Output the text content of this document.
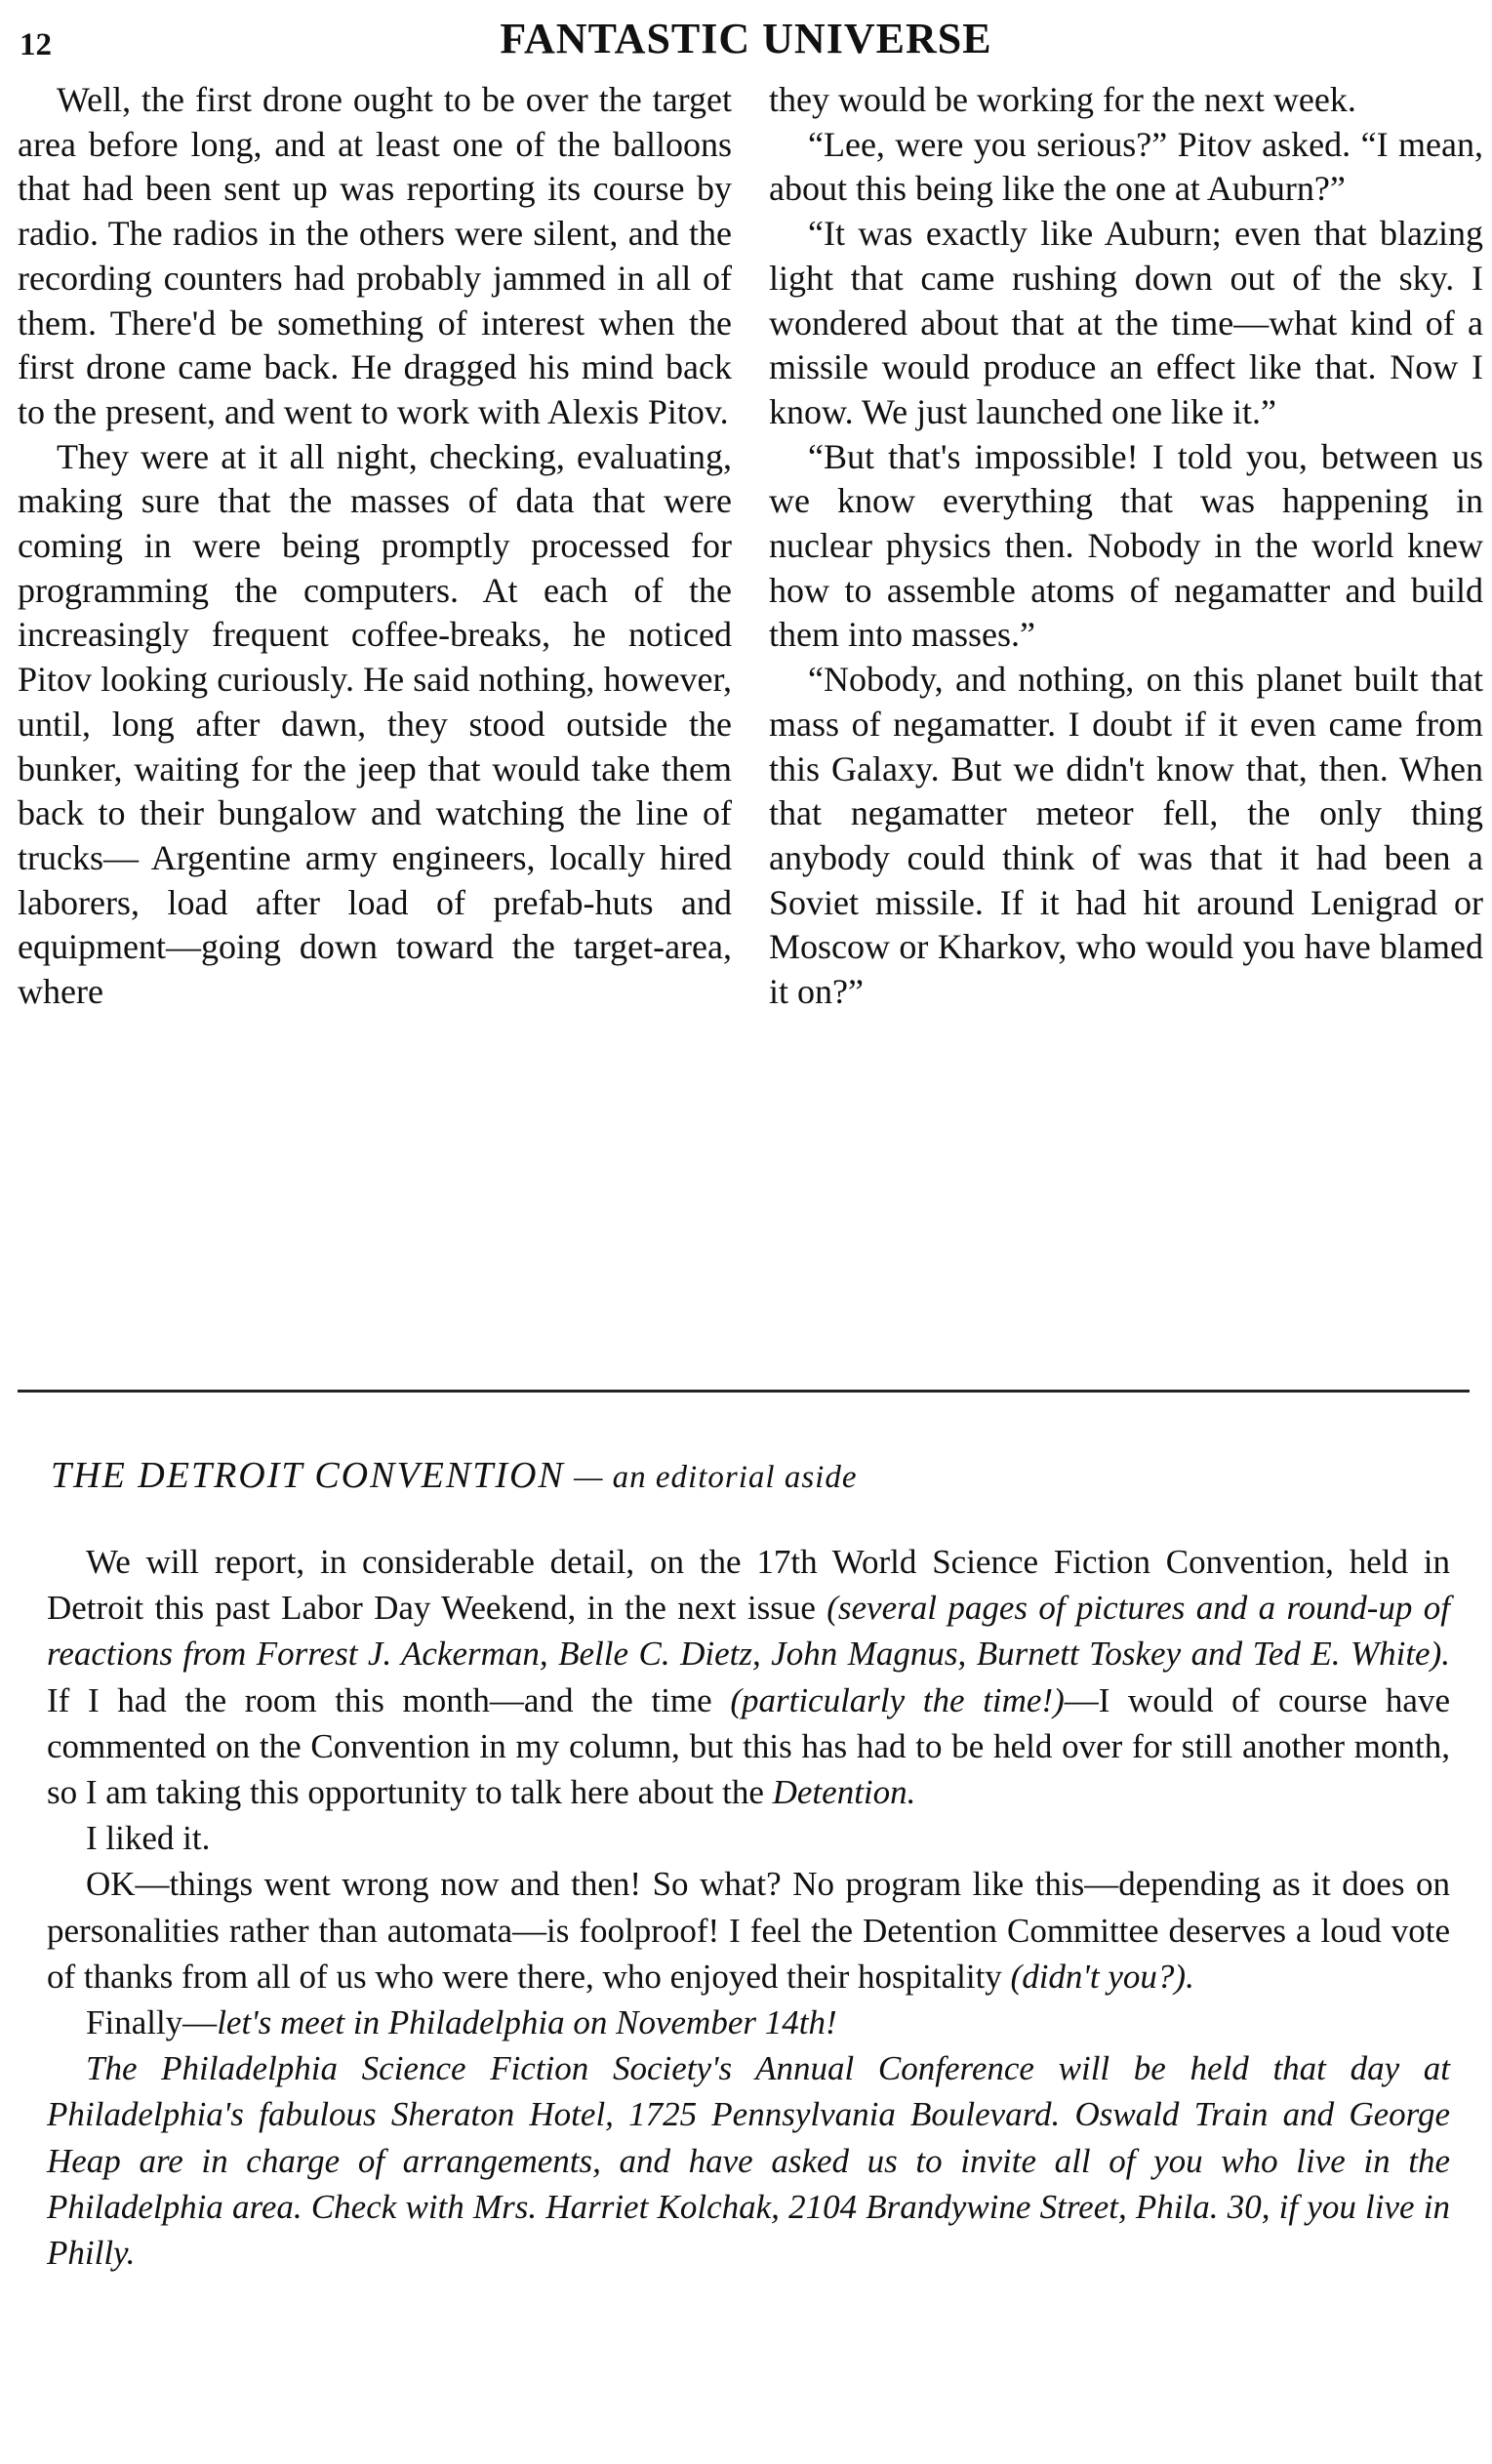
12	FANTASTIC UNIVERSE

Well, the first drone ought to be over the target area before long, and at least one of the balloons that had been sent up was reporting its course by radio. The radios in the others were silent, and the recording counters had probably jammed in all of them. There'd be something of interest when the first drone came back. He dragged his mind back to the present, and went to work with Alexis Pitov.

They were at it all night, checking, evaluating, making sure that the masses of data that were coming in were being promptly processed for programming the computers. At each of the increasingly frequent coffee-breaks, he noticed Pitov looking curiously. He said nothing, however, until, long after dawn, they stood outside the bunker, waiting for the jeep that would take them back to their bungalow and watching the line of trucks— Argentine army engineers, locally hired laborers, load after load of prefab-huts and equipment—going down toward the target-area, where

they would be working for the next week.

“Lee, were you serious?” Pitov asked. “I mean, about this being like the one at Auburn?”

“It was exactly like Auburn; even that blazing light that came rushing down out of the sky. I wondered about that at the time—what kind of a missile would produce an effect like that. Now I know. We just launched one like it.”

“But that's impossible! I told you, between us we know everything that was happening in nuclear physics then. Nobody in the world knew how to assemble atoms of negamatter and build them into masses.”

“Nobody, and nothing, on this planet built that mass of negamatter. I doubt if it even came from this Galaxy. But we didn't know that, then. When that negamatter meteor fell, the only thing anybody could think of was that it had been a Soviet missile. If it had hit around Lenigrad or Moscow or Kharkov, who would you have blamed it on?”

THE DETROIT CONVENTION — an editorial aside

We will report, in considerable detail, on the 17th World Science Fiction Convention, held in Detroit this past Labor Day Weekend, in the next issue (several pages of pictures and a round-up of reactions from Forrest J. Ackerman, Belle C. Dietz, John Magnus, Burnett Toskey and Ted E. White). If I had the room this month—and the time (particularly the time!)—I would of course have commented on the Convention in my column, but this has had to be held over for still another month, so I am taking this opportunity to talk here about the Detention.

I liked it.

OK—things went wrong now and then! So what? No program like this—depending as it does on personalities rather than automata—is foolproof! I feel the Detention Committee deserves a loud vote of thanks from all of us who were there, who enjoyed their hospitality (didn't you?).

Finally—let's meet in Philadelphia on November 14th!

The Philadelphia Science Fiction Society's Annual Conference will be held that day at Philadelphia's fabulous Sheraton Hotel, 1725 Pennsylvania Boulevard. Oswald Train and George Heap are in charge of arrangements, and have asked us to invite all of you who live in the Philadelphia area. Check with Mrs. Harriet Kolchak, 2104 Brandywine Street, Phila. 30, if you live in Philly.
